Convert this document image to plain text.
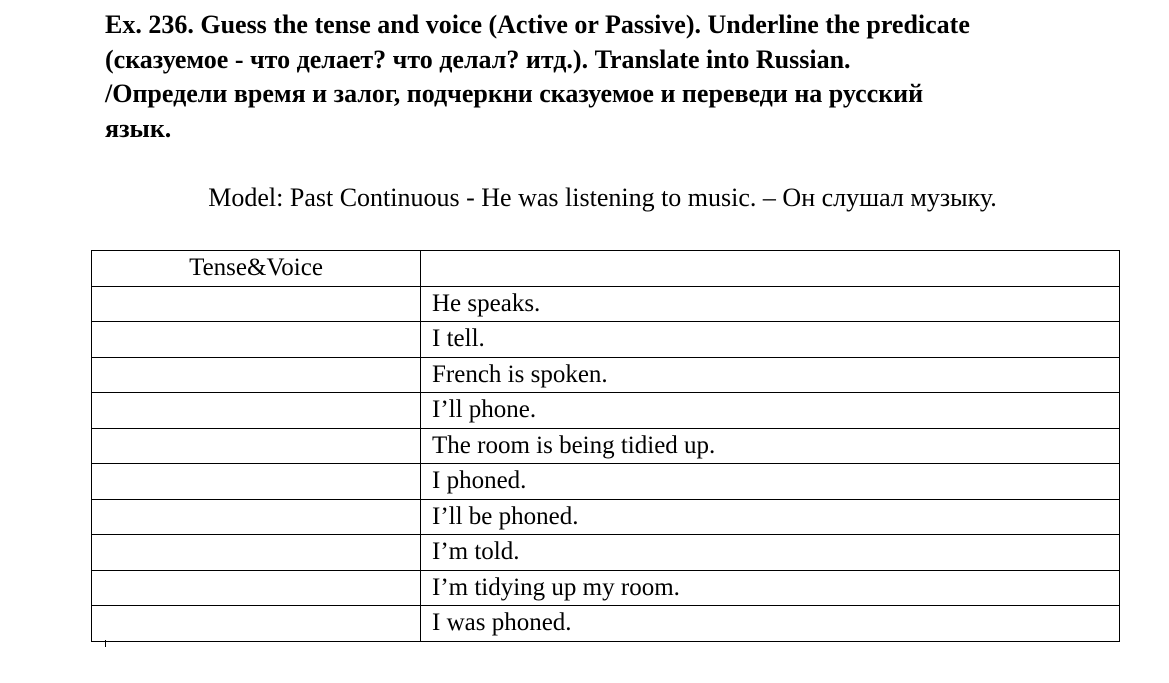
Ex. 236. Guess the tense and voice (Active or Passive). Underline the predicate
(сказуемое - что делает? что делал? итд.). Translate into Russian.
/Определи время и залог, подчеркни сказуемое и переведи на русский
язык.
Model: Past Continuous - He was listening to music. – Он слушал музыку.
Tense&Voice	
	He speaks.
	I tell.
	French is spoken.
	I’ll phone.
	The room is being tidied up.
	I phoned.
	I’ll be phoned.
	I’m told.
	I’m tidying up my room.
	I was phoned.
